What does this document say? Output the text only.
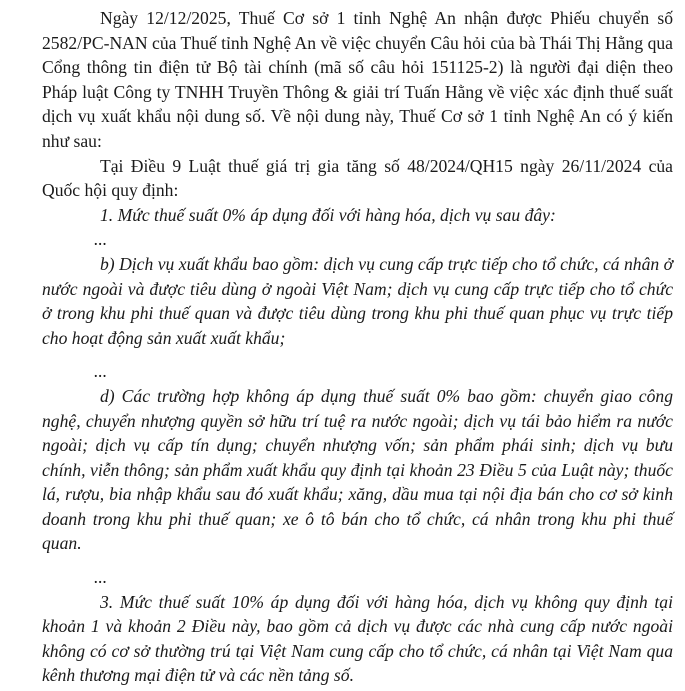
Ngày 12/12/2025, Thuế Cơ sở 1 tỉnh Nghệ An nhận được Phiếu chuyển số 2582/PC-NAN của Thuế tỉnh Nghệ An về việc chuyển Câu hỏi của bà Thái Thị Hằng qua Cổng thông tin điện tử Bộ tài chính (mã số câu hỏi 151125-2) là người đại diện theo Pháp luật Công ty TNHH Truyền Thông & giải trí Tuấn Hằng về việc xác định thuế suất dịch vụ xuất khẩu nội dung số. Về nội dung này, Thuế Cơ sở 1 tỉnh Nghệ An có ý kiến như sau:

Tại Điều 9 Luật thuế giá trị gia tăng số 48/2024/QH15 ngày 26/11/2024 của Quốc hội quy định:

1. Mức thuế suất 0% áp dụng đối với hàng hóa, dịch vụ sau đây:

...

b) Dịch vụ xuất khẩu bao gồm: dịch vụ cung cấp trực tiếp cho tổ chức, cá nhân ở nước ngoài và được tiêu dùng ở ngoài Việt Nam; dịch vụ cung cấp trực tiếp cho tổ chức ở trong khu phi thuế quan và được tiêu dùng trong khu phi thuế quan phục vụ trực tiếp cho hoạt động sản xuất xuất khẩu;

...

d) Các trường hợp không áp dụng thuế suất 0% bao gồm: chuyển giao công nghệ, chuyển nhượng quyền sở hữu trí tuệ ra nước ngoài; dịch vụ tái bảo hiểm ra nước ngoài; dịch vụ cấp tín dụng; chuyển nhượng vốn; sản phẩm phái sinh; dịch vụ bưu chính, viễn thông; sản phẩm xuất khẩu quy định tại khoản 23 Điều 5 của Luật này; thuốc lá, rượu, bia nhập khẩu sau đó xuất khẩu; xăng, dầu mua tại nội địa bán cho cơ sở kinh doanh trong khu phi thuế quan; xe ô tô bán cho tổ chức, cá nhân trong khu phi thuế quan.

...

3. Mức thuế suất 10% áp dụng đối với hàng hóa, dịch vụ không quy định tại khoản 1 và khoản 2 Điều này, bao gồm cả dịch vụ được các nhà cung cấp nước ngoài không có cơ sở thường trú tại Việt Nam cung cấp cho tổ chức, cá nhân tại Việt Nam qua kênh thương mại điện tử và các nền tảng số.
